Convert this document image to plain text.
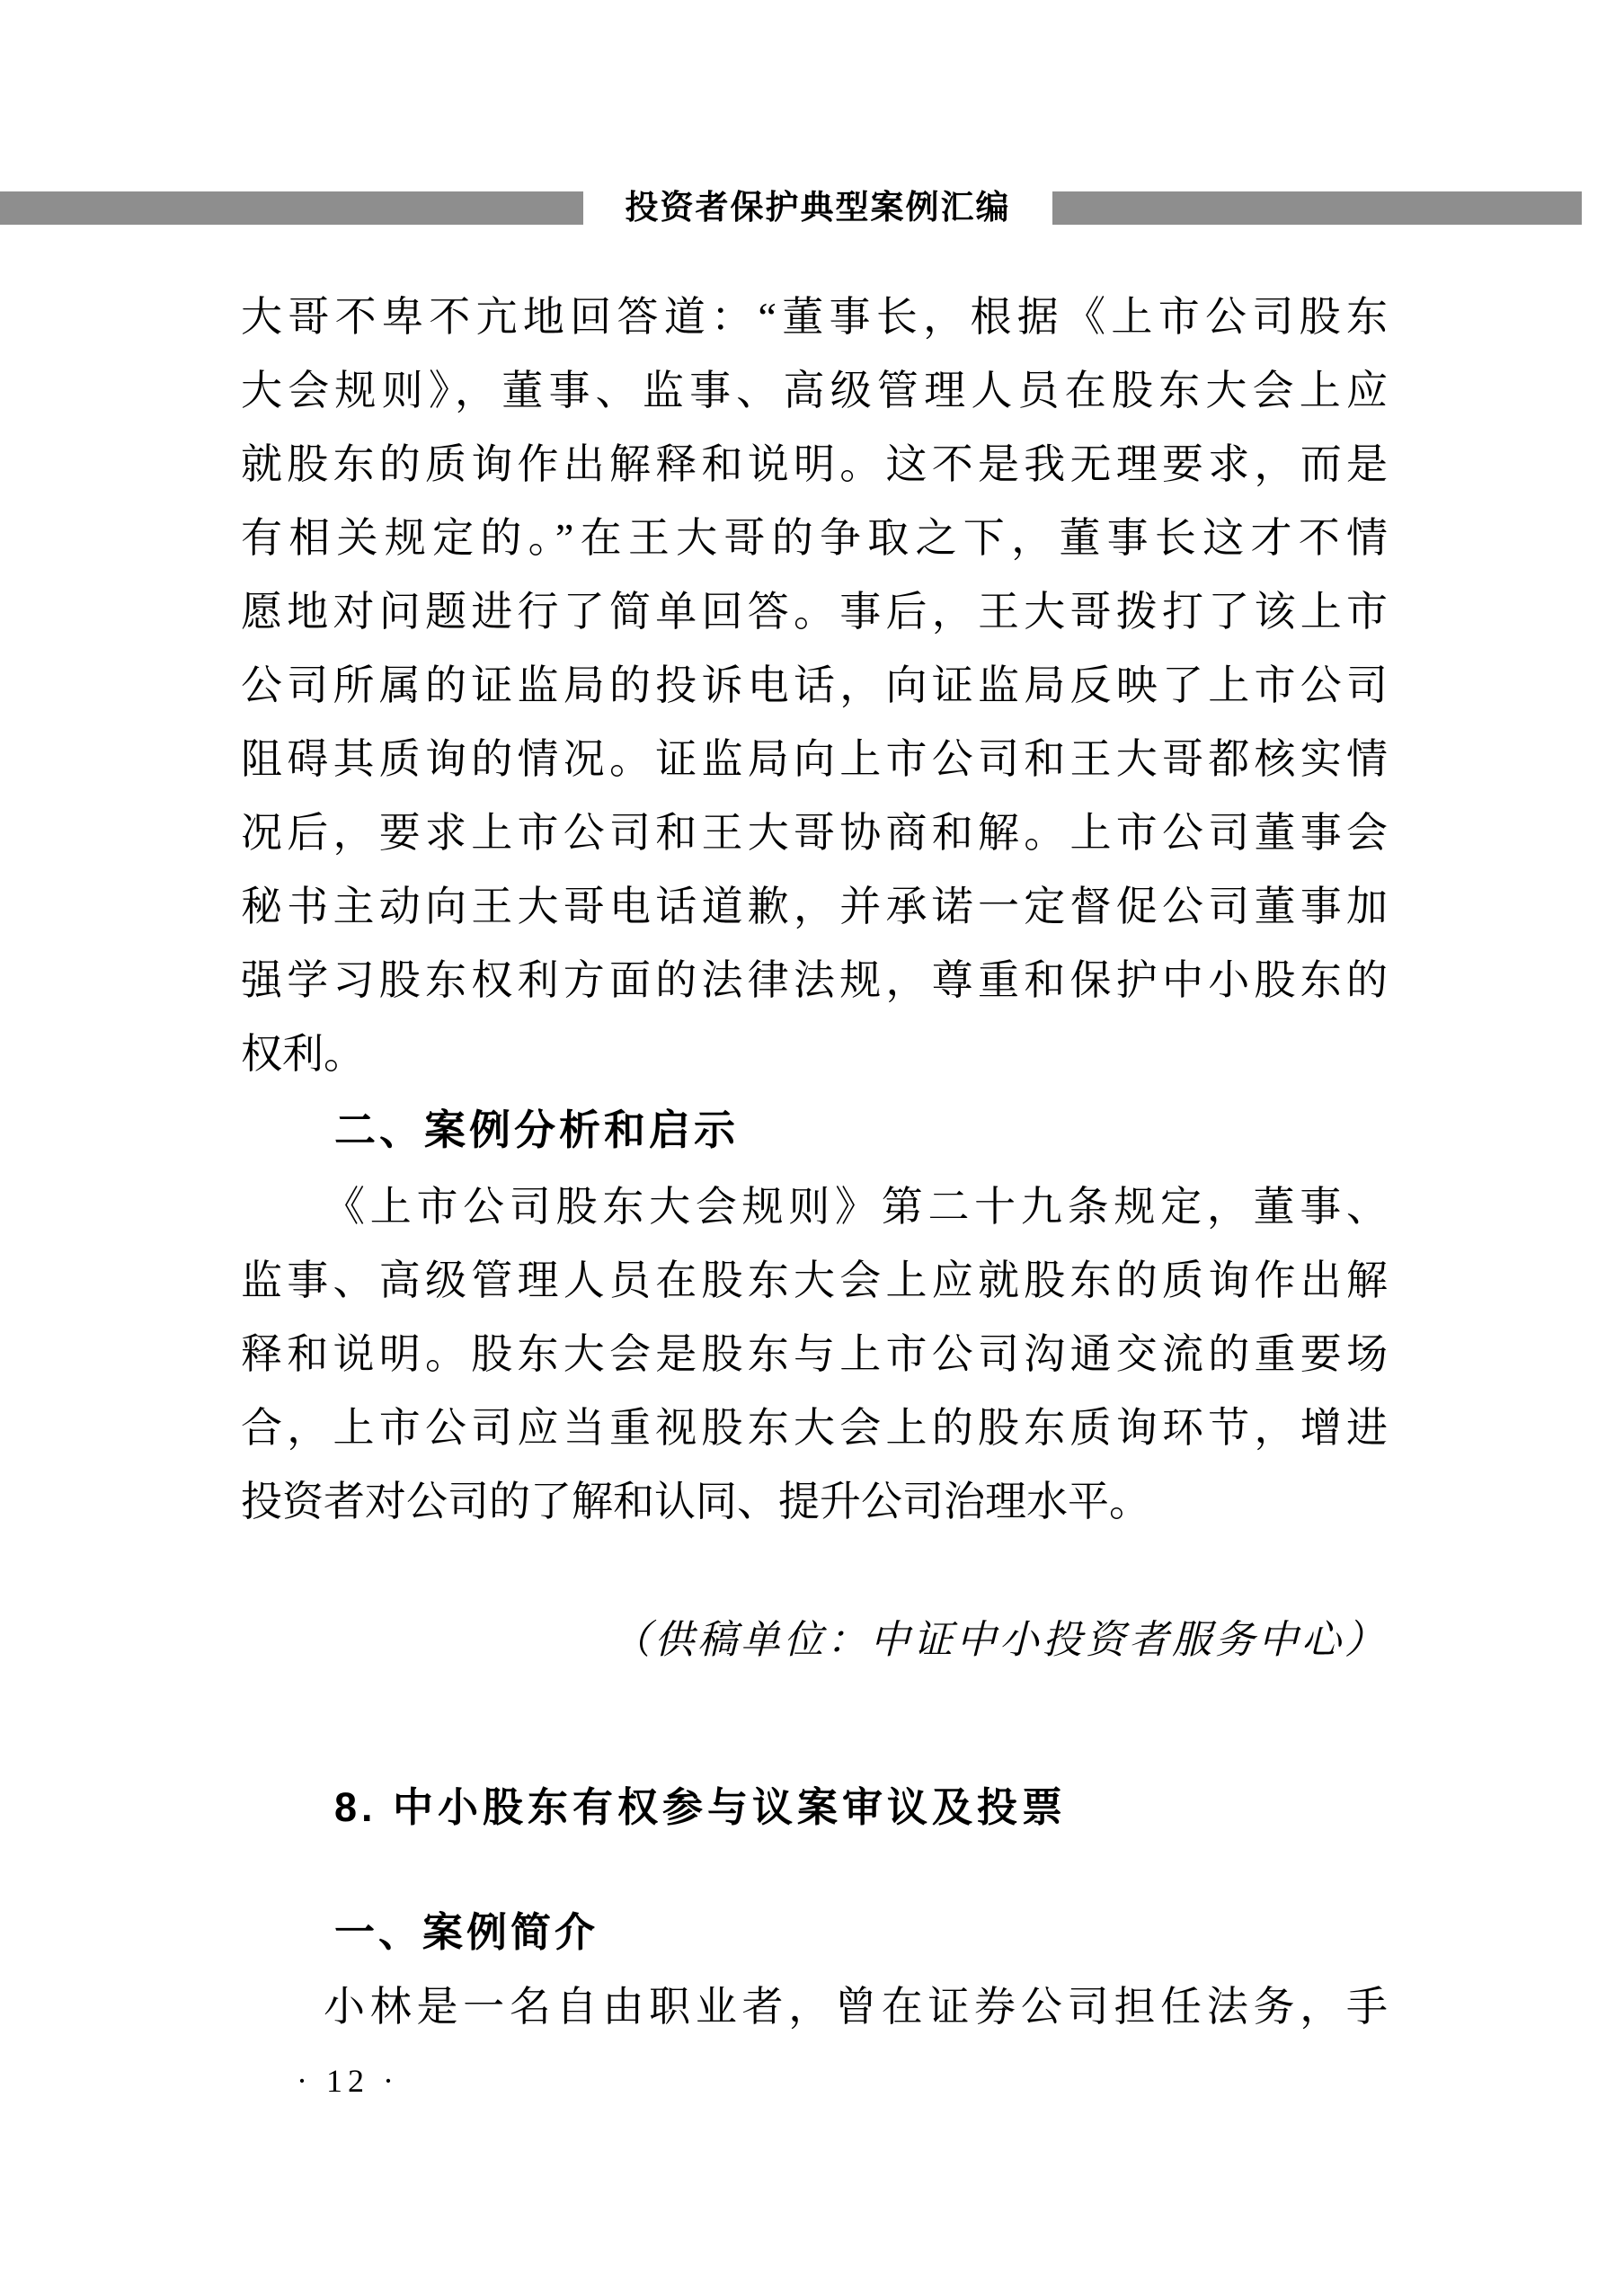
投资者保护典型案例汇编
大哥不卑不亢地回答道：“董事长，根据《上市公司股东
大会规则》，董事、监事、高级管理人员在股东大会上应
就股东的质询作出解释和说明。这不是我无理要求，而是
有相关规定的。”在王大哥的争取之下，董事长这才不情
愿地对问题进行了简单回答。事后，王大哥拨打了该上市
公司所属的证监局的投诉电话，向证监局反映了上市公司
阻碍其质询的情况。证监局向上市公司和王大哥都核实情
况后，要求上市公司和王大哥协商和解。上市公司董事会
秘书主动向王大哥电话道歉，并承诺一定督促公司董事加
强学习股东权利方面的法律法规，尊重和保护中小股东的
权利。
二、案例分析和启示
《上市公司股东大会规则》第二十九条规定，董事、
监事、高级管理人员在股东大会上应就股东的质询作出解
释和说明。股东大会是股东与上市公司沟通交流的重要场
合，上市公司应当重视股东大会上的股东质询环节，增进
投资者对公司的了解和认同、提升公司治理水平。
（供稿单位：中证中小投资者服务中心）
8. 中小股东有权参与议案审议及投票
一、案例简介
小林是一名自由职业者，曾在证券公司担任法务，手
· 12 ·
